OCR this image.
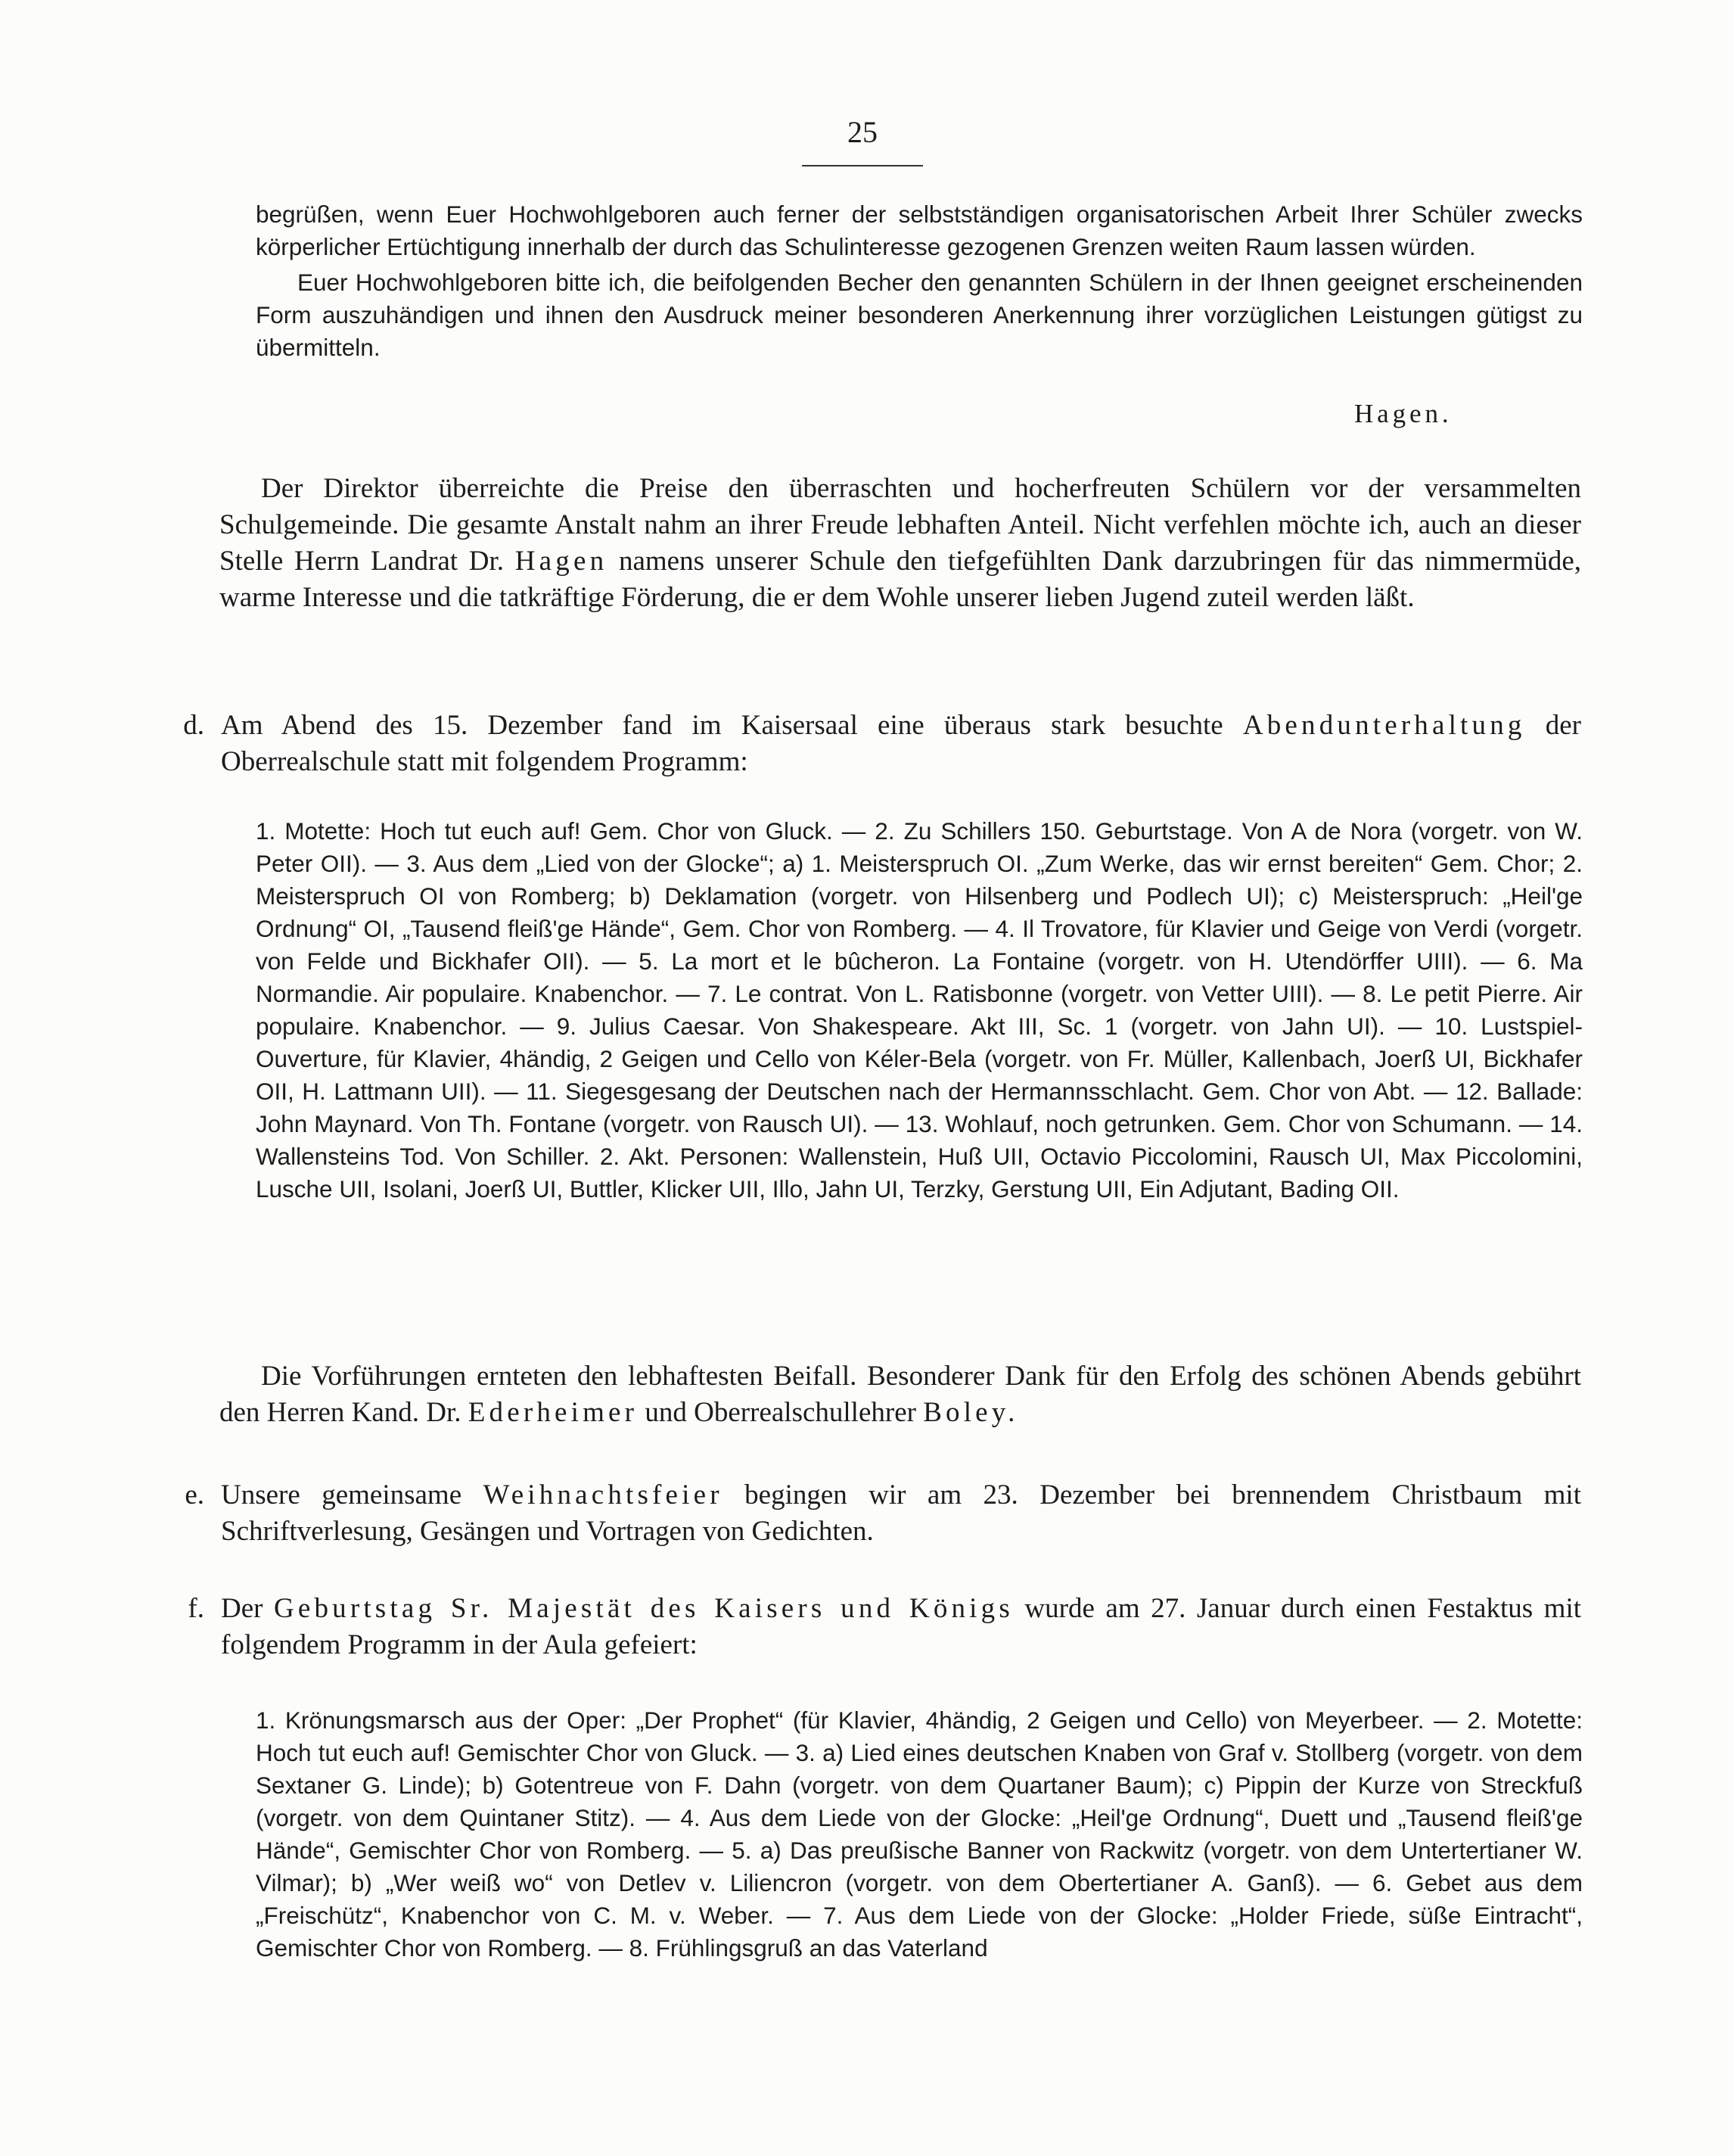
25

begrüßen, wenn Euer Hochwohlgeboren auch ferner der selbstständigen organisatorischen Arbeit Ihrer Schüler zwecks körperlicher Ertüchtigung innerhalb der durch das Schulinteresse gezogenen Grenzen weiten Raum lassen würden.

Euer Hochwohlgeboren bitte ich, die beifolgenden Becher den genannten Schülern in der Ihnen geeignet erscheinenden Form auszuhändigen und ihnen den Ausdruck meiner besonderen Anerkennung ihrer vorzüglichen Leistungen gütigst zu übermitteln.

Hagen.

Der Direktor überreichte die Preise den überraschten und hocherfreuten Schülern vor der versammelten Schulgemeinde. Die gesamte Anstalt nahm an ihrer Freude lebhaften Anteil. Nicht verfehlen möchte ich, auch an dieser Stelle Herrn Landrat Dr. Hagen namens unserer Schule den tiefgefühlten Dank darzubringen für das nimmermüde, warme Interesse und die tatkräftige Förderung, die er dem Wohle unserer lieben Jugend zuteil werden läßt.

d. Am Abend des 15. Dezember fand im Kaisersaal eine überaus stark besuchte Abendunterhaltung der Oberrealschule statt mit folgendem Programm:

1. Motette: Hoch tut euch auf! Gem. Chor von Gluck. — 2. Zu Schillers 150. Geburtstage. Von A de Nora (vorgetr. von W. Peter OII). — 3. Aus dem „Lied von der Glocke“; a) 1. Meisterspruch OI. „Zum Werke, das wir ernst bereiten“ Gem. Chor; 2. Meisterspruch OI von Romberg; b) Deklamation (vorgetr. von Hilsenberg und Podlech UI); c) Meisterspruch: „Heil'ge Ordnung“ OI, „Tausend fleiß'ge Hände“, Gem. Chor von Romberg. — 4. Il Trovatore, für Klavier und Geige von Verdi (vorgetr. von Felde und Bickhafer OII). — 5. La mort et le bûcheron. La Fontaine (vorgetr. von H. Utendörffer UIII). — 6. Ma Normandie. Air populaire. Knabenchor. — 7. Le contrat. Von L. Ratisbonne (vorgetr. von Vetter UIII). — 8. Le petit Pierre. Air populaire. Knabenchor. — 9. Julius Caesar. Von Shakespeare. Akt III, Sc. 1 (vorgetr. von Jahn UI). — 10. Lustspiel-Ouverture, für Klavier, 4händig, 2 Geigen und Cello von Kéler-Bela (vorgetr. von Fr. Müller, Kallenbach, Joerß UI, Bickhafer OII, H. Lattmann UII). — 11. Siegesgesang der Deutschen nach der Hermannsschlacht. Gem. Chor von Abt. — 12. Ballade: John Maynard. Von Th. Fontane (vorgetr. von Rausch UI). — 13. Wohlauf, noch getrunken. Gem. Chor von Schumann. — 14. Wallensteins Tod. Von Schiller. 2. Akt. Personen: Wallenstein, Huß UII, Octavio Piccolomini, Rausch UI, Max Piccolomini, Lusche UII, Isolani, Joerß UI, Buttler, Klicker UII, Illo, Jahn UI, Terzky, Gerstung UII, Ein Adjutant, Bading OII.

Die Vorführungen ernteten den lebhaftesten Beifall. Besonderer Dank für den Erfolg des schönen Abends gebührt den Herren Kand. Dr. Ederheimer und Oberrealschullehrer Boley.

e. Unsere gemeinsame Weihnachtsfeier begingen wir am 23. Dezember bei brennendem Christbaum mit Schriftverlesung, Gesängen und Vortragen von Gedichten.
f. Der Geburtstag Sr. Majestät des Kaisers und Königs wurde am 27. Januar durch einen Festaktus mit folgendem Programm in der Aula gefeiert:

1. Krönungsmarsch aus der Oper: „Der Prophet“ (für Klavier, 4händig, 2 Geigen und Cello) von Meyerbeer. — 2. Motette: Hoch tut euch auf! Gemischter Chor von Gluck. — 3. a) Lied eines deutschen Knaben von Graf v. Stollberg (vorgetr. von dem Sextaner G. Linde); b) Gotentreue von F. Dahn (vorgetr. von dem Quartaner Baum); c) Pippin der Kurze von Streckfuß (vorgetr. von dem Quintaner Stitz). — 4. Aus dem Liede von der Glocke: „Heil'ge Ordnung“, Duett und „Tausend fleiß'ge Hände“, Gemischter Chor von Romberg. — 5. a) Das preußische Banner von Rackwitz (vorgetr. von dem Untertertianer W. Vilmar); b) „Wer weiß wo“ von Detlev v. Liliencron (vorgetr. von dem Obertertianer A. Ganß). — 6. Gebet aus dem „Freischütz“, Knabenchor von C. M. v. Weber. — 7. Aus dem Liede von der Glocke: „Holder Friede, süße Eintracht“, Gemischter Chor von Romberg. — 8. Frühlingsgruß an das Vaterland
